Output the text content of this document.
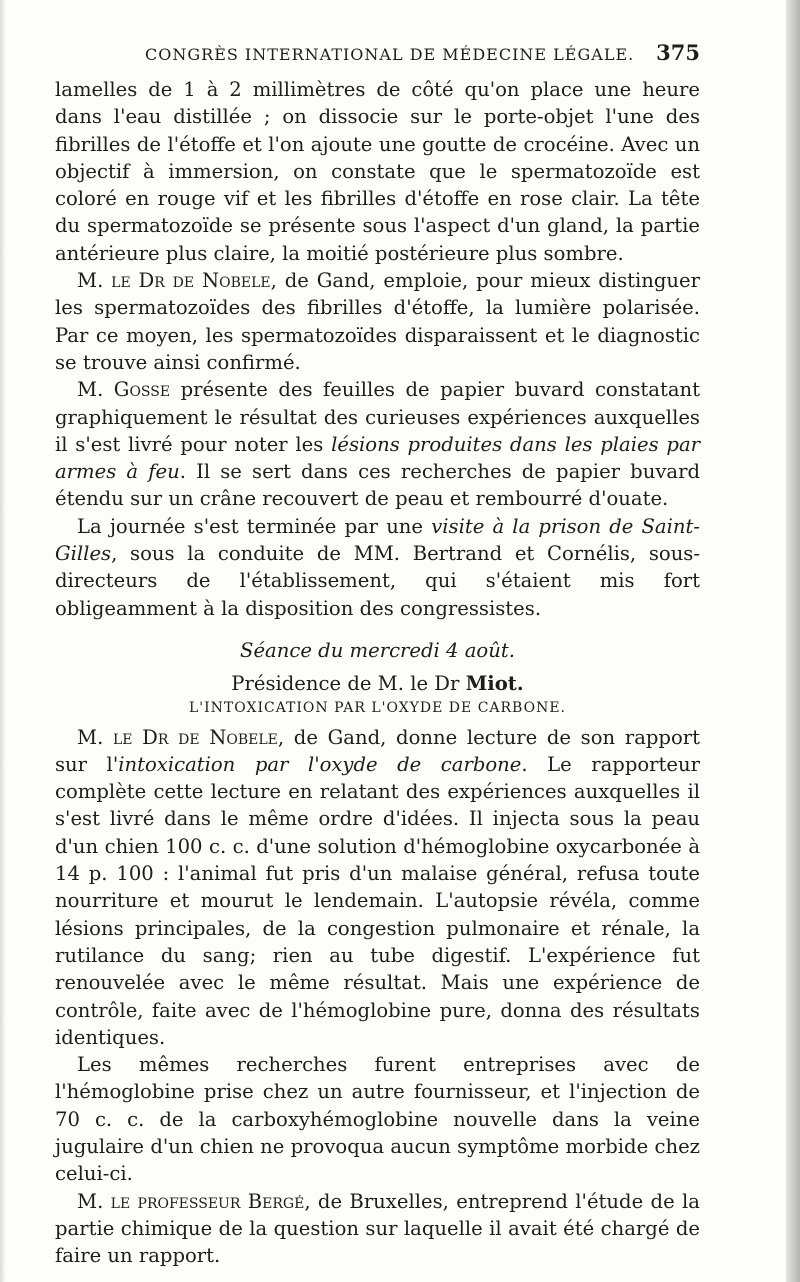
CONGRÈS INTERNATIONAL DE MÉDECINE LÉGALE. 375

lamelles de 1 à 2 millimètres de côté qu'on place une heure dans l'eau distillée ; on dissocie sur le porte-objet l'une des fibrilles de l'étoffe et l'on ajoute une goutte de crocéine. Avec un objectif à immersion, on constate que le spermatozoïde est coloré en rouge vif et les fibrilles d'étoffe en rose clair. La tête du spermatozoïde se présente sous l'aspect d'un gland, la partie antérieure plus claire, la moitié postérieure plus sombre.

M. le Dr de Nobele, de Gand, emploie, pour mieux distinguer les spermatozoïdes des fibrilles d'étoffe, la lumière polarisée. Par ce moyen, les spermatozoïdes disparaissent et le diagnostic se trouve ainsi confirmé.

M. Gosse présente des feuilles de papier buvard constatant graphiquement le résultat des curieuses expériences auxquelles il s'est livré pour noter les lésions produites dans les plaies par armes à feu. Il se sert dans ces recherches de papier buvard étendu sur un crâne recouvert de peau et rembourré d'ouate.

La journée s'est terminée par une visite à la prison de Saint-Gilles, sous la conduite de MM. Bertrand et Cornélis, sous-directeurs de l'établissement, qui s'étaient mis fort obligeamment à la disposition des congressistes.

Séance du mercredi 4 août.

Présidence de M. le Dr Miot.

L'INTOXICATION PAR L'OXYDE DE CARBONE.

M. le Dr de Nobele, de Gand, donne lecture de son rapport sur l'intoxication par l'oxyde de carbone. Le rapporteur complète cette lecture en relatant des expériences auxquelles il s'est livré dans le même ordre d'idées. Il injecta sous la peau d'un chien 100 c. c. d'une solution d'hémoglobine oxycarbonée à 14 p. 100 : l'animal fut pris d'un malaise général, refusa toute nourriture et mourut le lendemain. L'autopsie révéla, comme lésions principales, de la congestion pulmonaire et rénale, la rutilance du sang; rien au tube digestif. L'expérience fut renouvelée avec le même résultat. Mais une expérience de contrôle, faite avec de l'hémoglobine pure, donna des résultats identiques.

Les mêmes recherches furent entreprises avec de l'hémoglobine prise chez un autre fournisseur, et l'injection de 70 c. c. de la carboxyhémoglobine nouvelle dans la veine jugulaire d'un chien ne provoqua aucun symptôme morbide chez celui-ci.

M. le professeur Bergé, de Bruxelles, entreprend l'étude de la partie chimique de la question sur laquelle il avait été chargé de faire un rapport.
